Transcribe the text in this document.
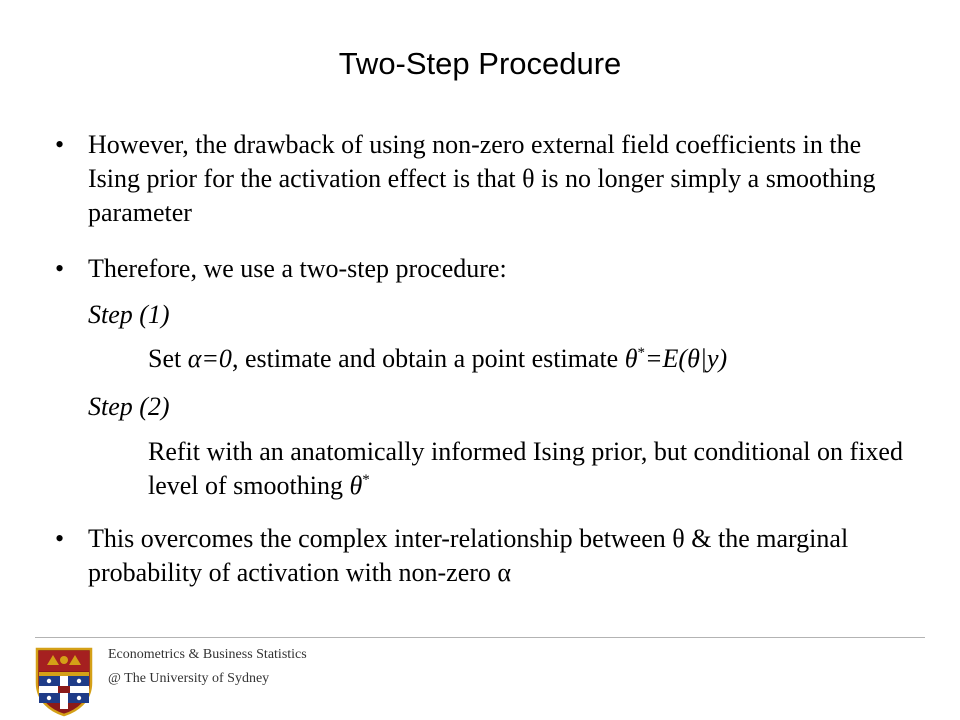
Two-Step Procedure
• However, the drawback of using non-zero external field coefficients in the Ising prior for the activation effect is that θ is no longer simply a smoothing parameter
• Therefore, we use a two-step procedure:
Step (1)
Set α=0, estimate and obtain a point estimate θ*=E(θ|y)
Step (2)
Refit with an anatomically informed Ising prior, but conditional on fixed level of smoothing θ*
• This overcomes the complex inter-relationship between θ & the marginal probability of activation with non-zero α
Econometrics & Business Statistics
@ The University of Sydney
